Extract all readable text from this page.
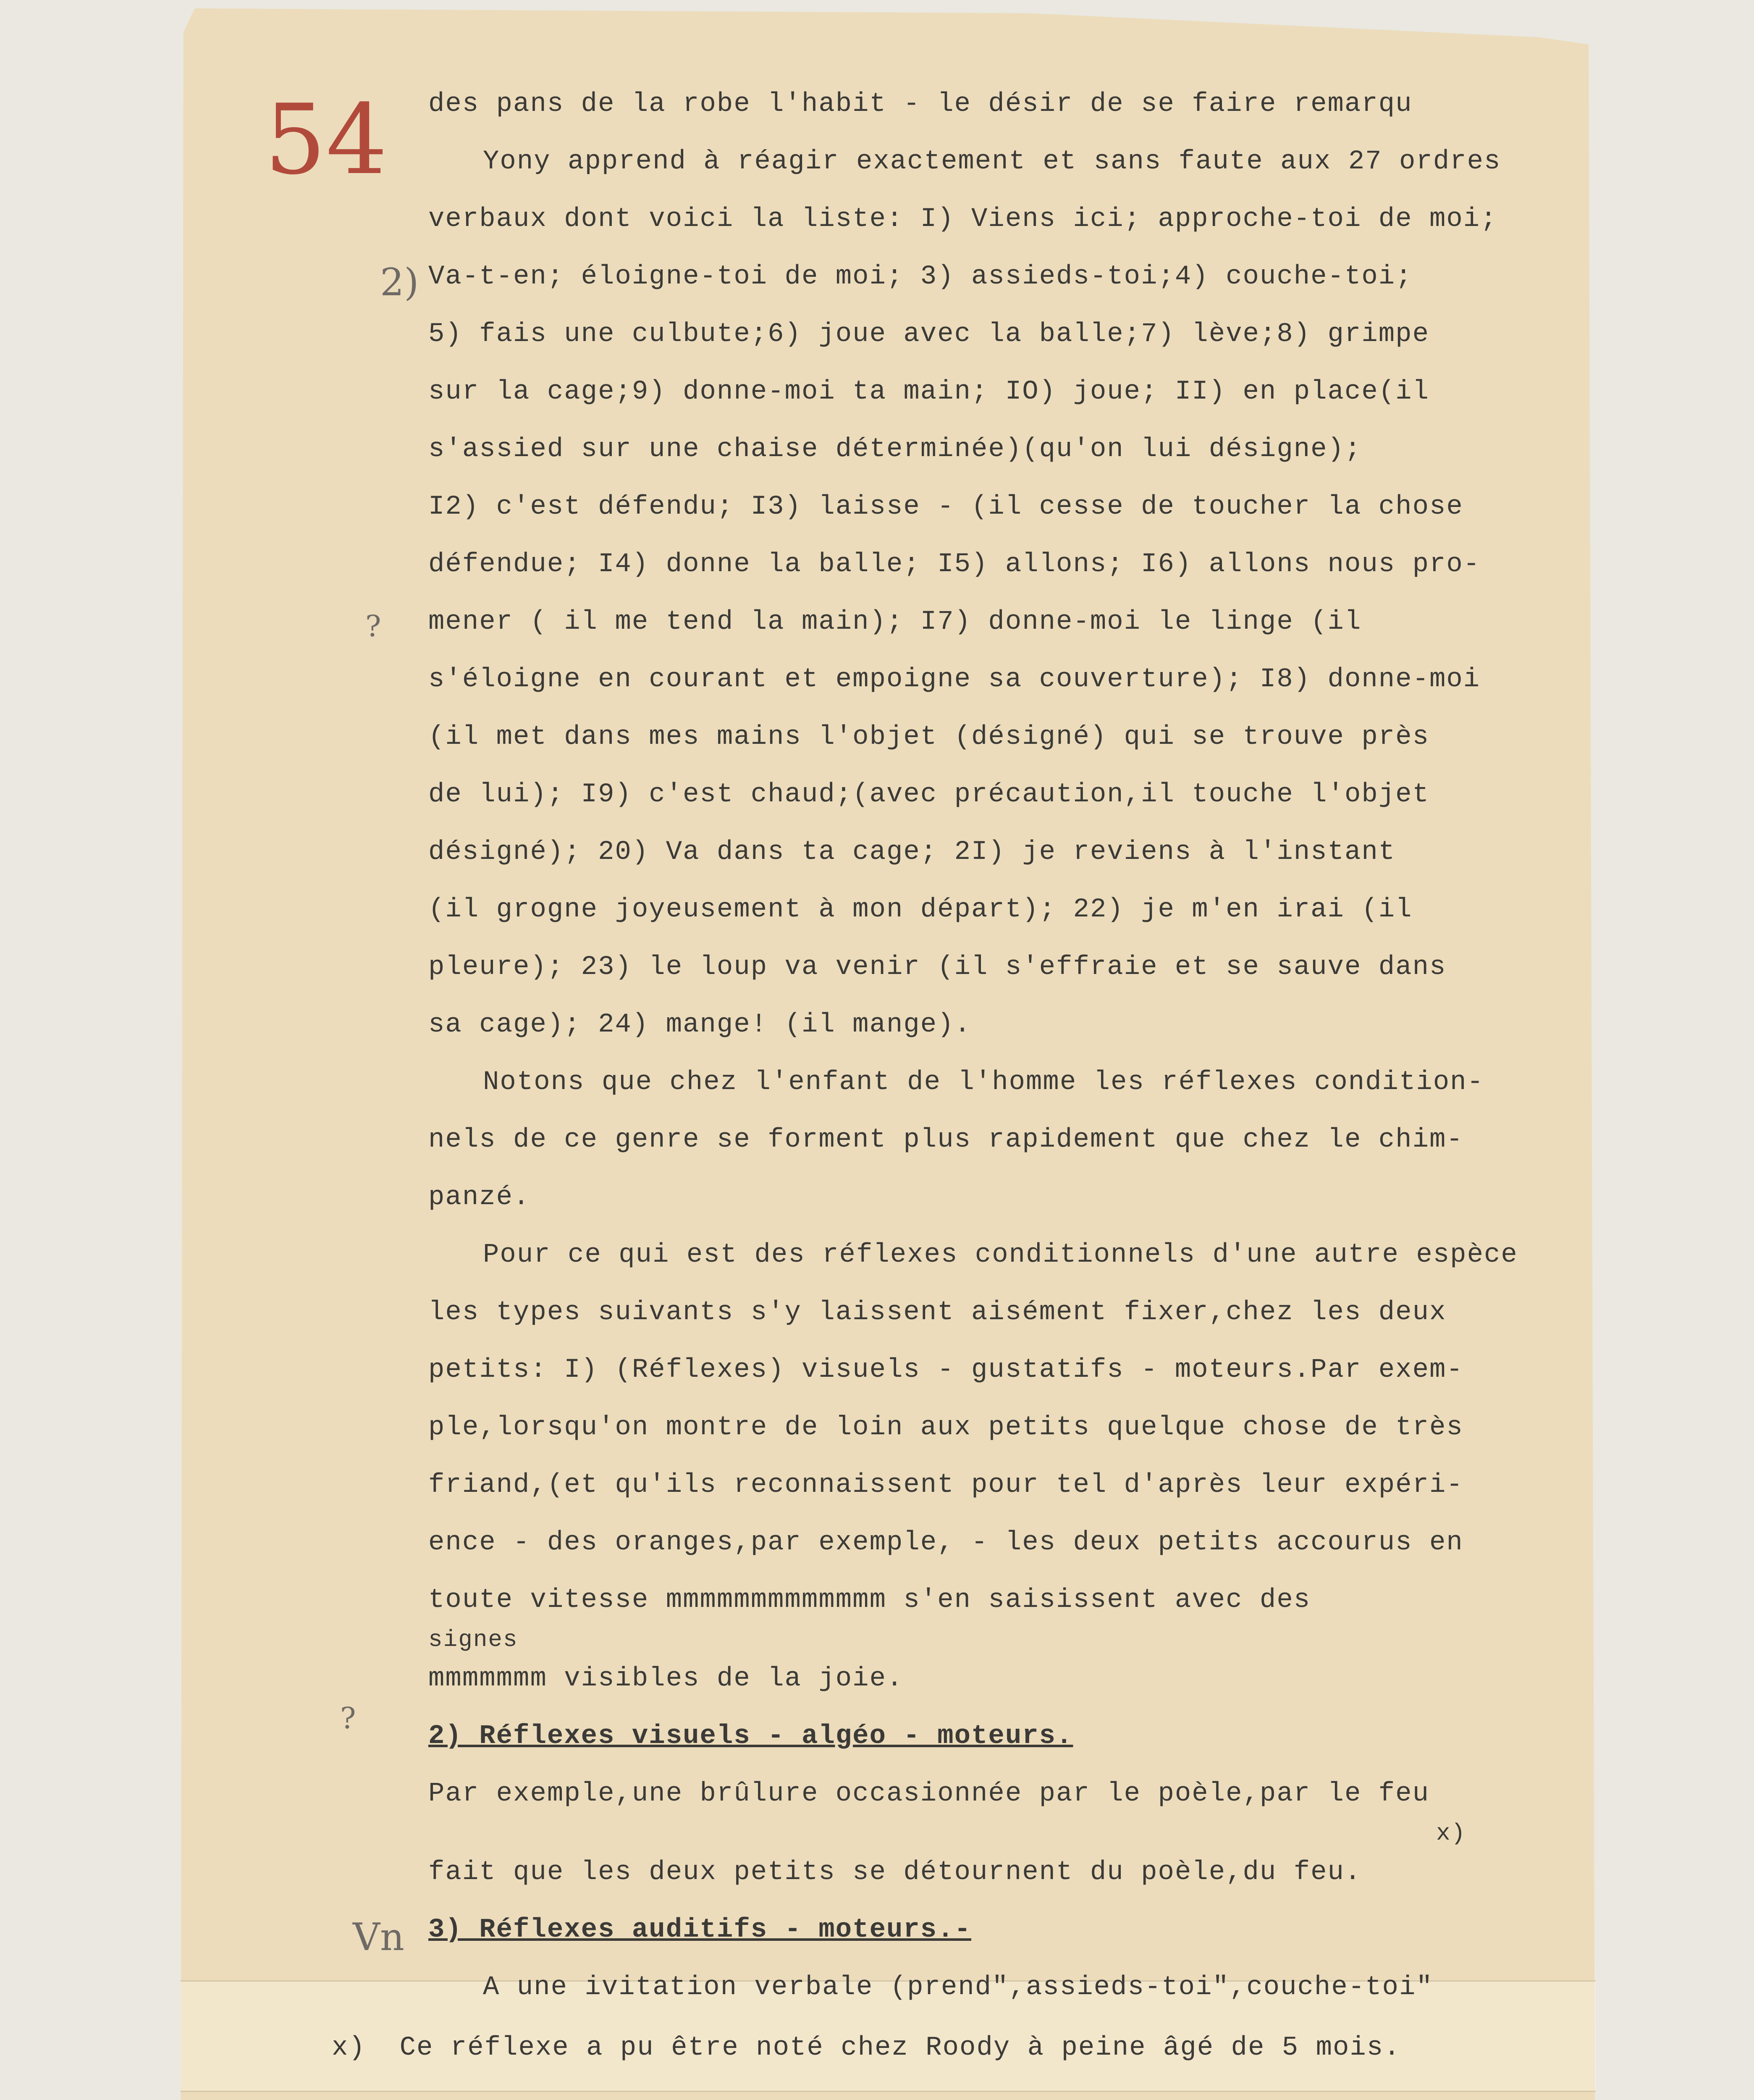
54
2)
?
?
Vn
des pans de la robe l'habit - le désir de se faire remarqu
Yony apprend à réagir exactement et sans faute aux 27 ordres
verbaux dont voici la liste: I) Viens ici; approche-toi de moi;
Va-t-en; éloigne-toi de moi; 3) assieds-toi;4) couche-toi;
5) fais une culbute;6) joue avec la balle;7) lève;8) grimpe
sur la cage;9) donne-moi ta main; IO) joue; II) en place(il
s'assied sur une chaise déterminée)(qu'on lui désigne);
I2) c'est défendu; I3) laisse - (il cesse de toucher la chose
défendue; I4) donne la balle; I5) allons; I6) allons nous pro-
mener ( il me tend la main); I7) donne-moi le linge (il
s'éloigne en courant et empoigne sa couverture); I8) donne-moi
(il met dans mes mains l'objet (désigné) qui se trouve près
de lui); I9) c'est chaud;(avec précaution,il touche l'objet
désigné); 20) Va dans ta cage; 2I) je reviens à l'instant
(il grogne joyeusement à mon départ); 22) je m'en irai (il
pleure); 23) le loup va venir (il s'effraie et se sauve dans
sa cage); 24) mange! (il mange).
Notons que chez l'enfant de l'homme les réflexes condition-
nels de ce genre se forment plus rapidement que chez le chim-
panzé.
Pour ce qui est des réflexes conditionnels d'une autre espèce
les types suivants s'y laissent aisément fixer,chez les deux
petits: I) (Réflexes) visuels - gustatifs - moteurs.Par exem-
ple,lorsqu'on montre de loin aux petits quelque chose de très
friand,(et qu'ils reconnaissent pour tel d'après leur expéri-
ence - des oranges,par exemple, - les deux petits accourus en
toute vitesse mmmmmmmmmmmmm s'en saisissent avec des
signes
mmmmmmm visibles de la joie.
2) Réflexes visuels - algéo - moteurs.
Par exemple,une brûlure occasionnée par le poèle,par le feu
x)
fait que les deux petits se détournent du poèle,du feu.
3) Réflexes auditifs - moteurs.-
A une ivitation verbale (prend",assieds-toi",couche-toi"
x)  Ce réflexe a pu être noté chez Roody à peine âgé de 5 mois.
